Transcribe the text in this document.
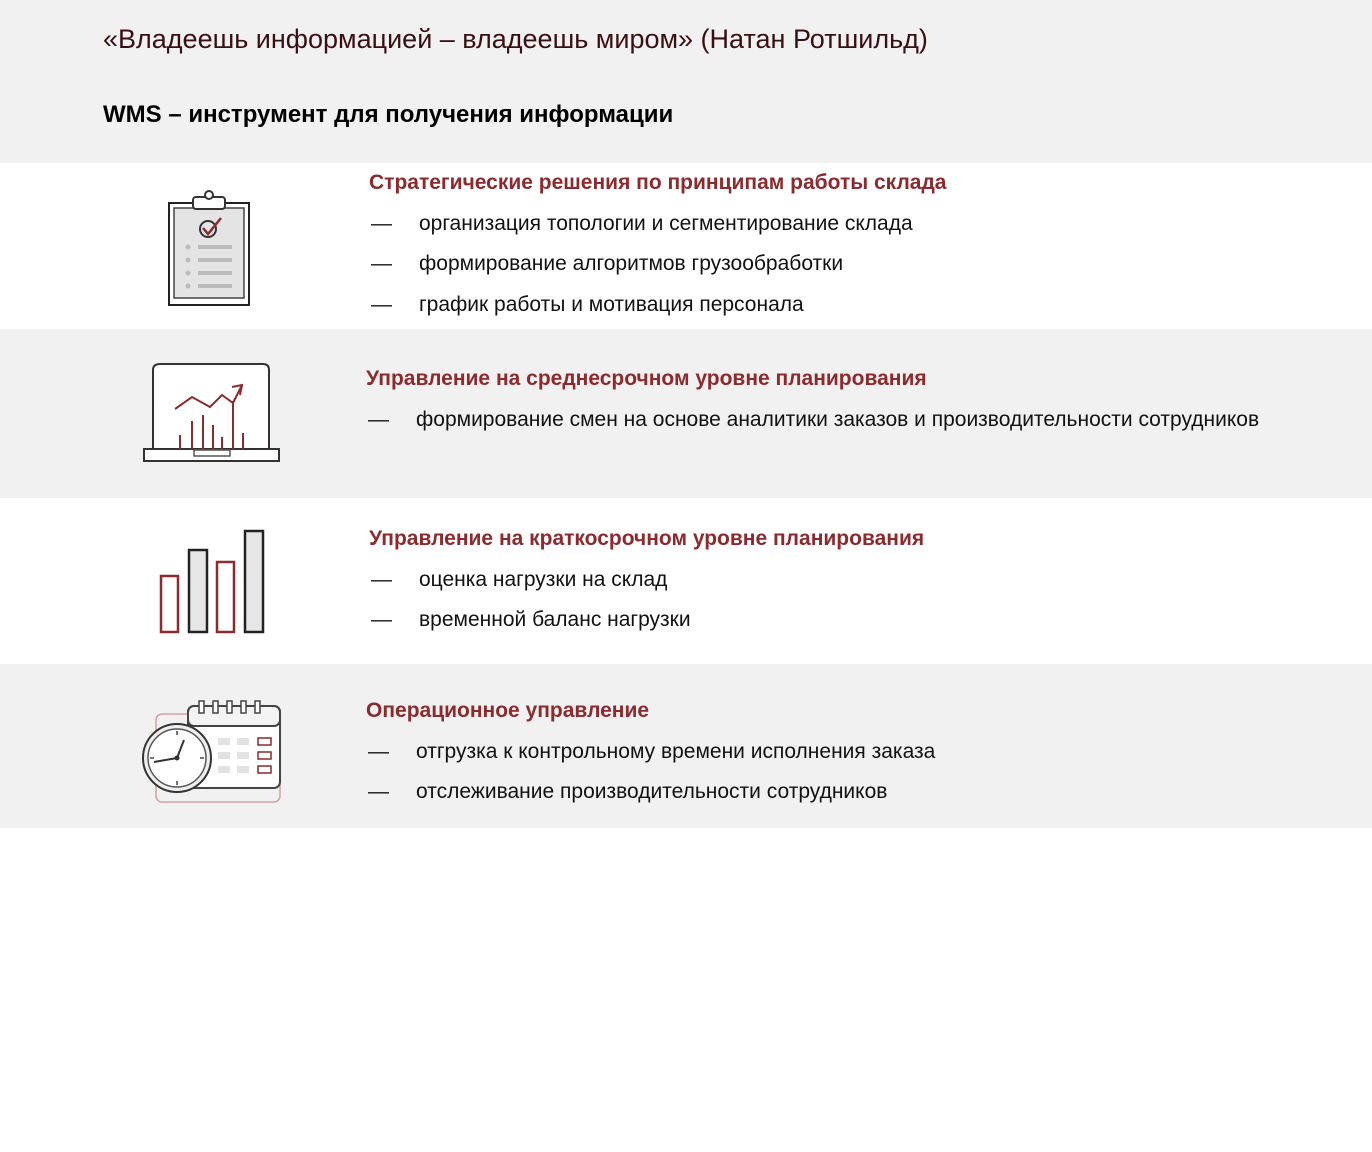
«Владеешь информацией – владеешь миром» (Натан Ротшильд)
WMS – инструмент для получения информации
Стратегические решения по принципам работы склада
— организация топологии и сегментирование склада
— формирование алгоритмов грузообработки
— график работы и мотивация персонала
Управление на среднесрочном уровне планирования
— формирование смен на основе аналитики заказов и производительности сотрудников
Управление на краткосрочном уровне планирования
— оценка нагрузки на склад
— временной баланс нагрузки
Операционное управление
— отгрузка к контрольному времени исполнения заказа
— отслеживание производительности сотрудников
